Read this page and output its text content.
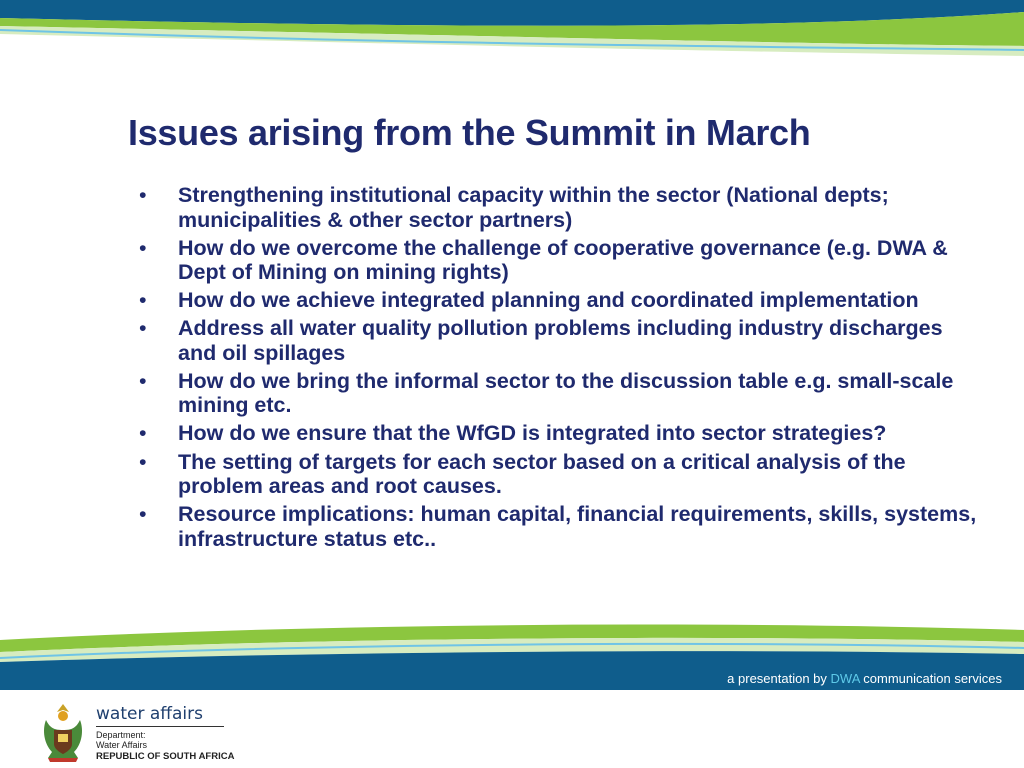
Issues arising from the Summit in March
• Strengthening institutional capacity within the sector (National depts; municipalities & other sector partners)
• How do we overcome the challenge of cooperative governance (e.g. DWA & Dept of Mining on mining rights)
• How do we achieve integrated planning and coordinated implementation
• Address all water quality pollution problems including industry discharges and oil spillages
• How do we bring the informal sector to the discussion table e.g. small-scale mining etc.
• How do we ensure that the WfGD is integrated into sector strategies?
• The setting of targets for each sector based on a critical analysis of the problem areas and root causes.
• Resource implications: human capital, financial requirements, skills, systems, infrastructure status etc..
a presentation by DWA communication services
water affairs
Department:
Water Affairs
REPUBLIC OF SOUTH AFRICA
